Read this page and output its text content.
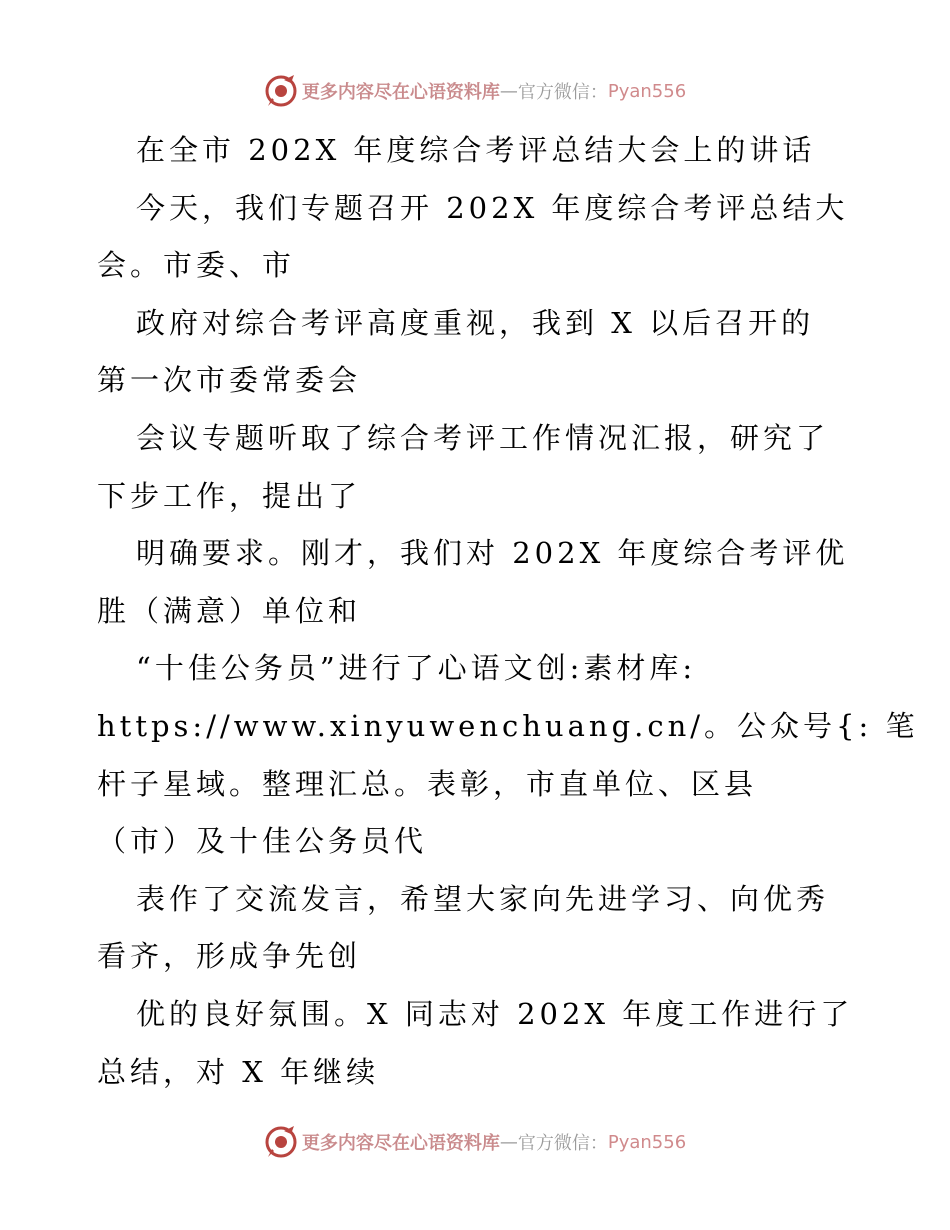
更多内容尽在心语资料库 — 官方微信： Pyan556
在全市 202X 年度综合考评总结大会上的讲话
今天，我们专题召开 202X 年度综合考评总结大
会。市委、市
政府对综合考评高度重视，我到 X 以后召开的
第一次市委常委会
会议专题听取了综合考评工作情况汇报，研究了
下步工作，提出了
明确要求。刚才，我们对 202X 年度综合考评优
胜（满意）单位和
“十佳公务员”进行了心语文创:素材库:
https://www.xinyuwenchuang.cn/。公众号{: 笔
杆子星域。整理汇总。表彰，市直单位、区县
（市）及十佳公务员代
表作了交流发言，希望大家向先进学习、向优秀
看齐，形成争先创
优的良好氛围。X 同志对 202X 年度工作进行了
总结，对 X 年继续
更多内容尽在心语资料库 — 官方微信： Pyan556
